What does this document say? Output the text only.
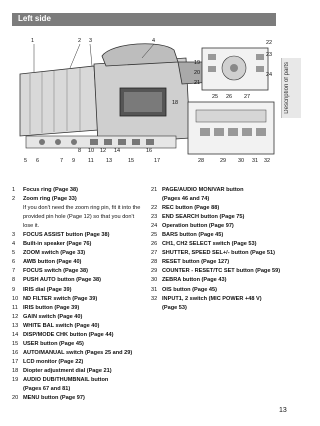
Left side
Description of parts
1	2 3	4
5 6	7
8
9
10
11
12
13
14
15
16
17
18
19
20
21
22
23
24
25 26 27
28	29 30 31 32
1 Focus ring (Page 38)
2 Zoom ring (Page 33)
If you don't need the zoom ring pin, fit it into the
provided pin hole (Page 12) so that you don't
lose it.
3 FOCUS ASSIST button (Page 38)
4 Built-in speaker (Page 76)
5 ZOOM switch (Page 33)
6 AWB button (Page 40)
7 FOCUS switch (Page 38)
8 PUSH AUTO button (Page 38)
9 IRIS dial (Page 39)
10 ND FILTER switch (Page 39)
11 IRIS button (Page 39)
12 GAIN switch (Page 40)
13 WHITE BAL switch (Page 40)
14 DISP/MODE CHK button (Page 44)
15 USER button (Page 45)
16 AUTO/MANUAL switch (Pages 25 and 29)
17 LCD monitor (Page 22)
18 Diopter adjustment dial (Page 21)
19 AUDIO DUB/THUMBNAIL button
(Pages 67 and 81)
20 MENU button (Page 97)
21 PAGE/AUDIO MON/VAR button
(Pages 46 and 74)
22 REC button (Page 88)
23 END SEARCH button (Page 75)
24 Operation button (Page 97)
25 BARS button (Page 45)
26 CH1, CH2 SELECT switch (Page 53)
27 SHUTTER, SPEED SEL+/- button (Page 51)
28 RESET button (Page 127)
29 COUNTER - RESET/TC SET button (Page 59)
30 ZEBRA button (Page 43)
31 OIS button (Page 45)
32 INPUT1, 2 switch (MIC POWER +48 V)
(Page 53)
13
